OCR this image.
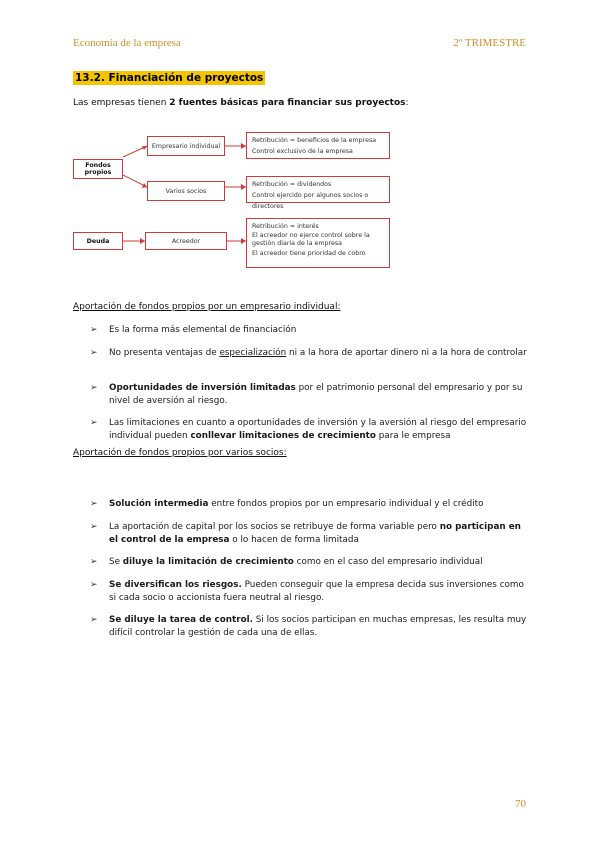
Economía de la empresa	2º TRIMESTRE
13.2. Financiación de proyectos
Las empresas tienen 2 fuentes básicas para financiar sus proyectos:
Fondos propios
Empresario individual
Varios socios
Retribución = beneficios de la empresa
Control exclusivo de la empresa
Retribución = dividendos
Control ejercido por algunos socios o directores
Deuda	Acreedor
Retribución = interés
El acreedor no ejerce control sobre la gestión diaria de la empresa
El acreedor tiene prioridad de cobro
Aportación de fondos propios por un empresario individual:
➢ Es la forma más elemental de financiación
➢ No presenta ventajas de especialización ni a la hora de aportar dinero ni a la hora de controlar
➢ Oportunidades de inversión limitadas por el patrimonio personal del empresario y por su nivel de aversión al riesgo.
➢ Las limitaciones en cuanto a oportunidades de inversión y la aversión al riesgo del empresario individual pueden conllevar limitaciones de crecimiento para le empresa
Aportación de fondos propios por varios socios:
➢ Solución intermedia entre fondos propios por un empresario individual y el crédito
➢ La aportación de capital por los socios se retribuye de forma variable pero no participan en el control de la empresa o lo hacen de forma limitada
➢ Se diluye la limitación de crecimiento como en el caso del empresario individual
➢ Se diversifican los riesgos. Pueden conseguir que la empresa decida sus inversiones como si cada socio o accionista fuera neutral al riesgo.
➢ Se diluye la tarea de control. Si los socios participan en muchas empresas, les resulta muy difícil controlar la gestión de cada una de ellas.
70
